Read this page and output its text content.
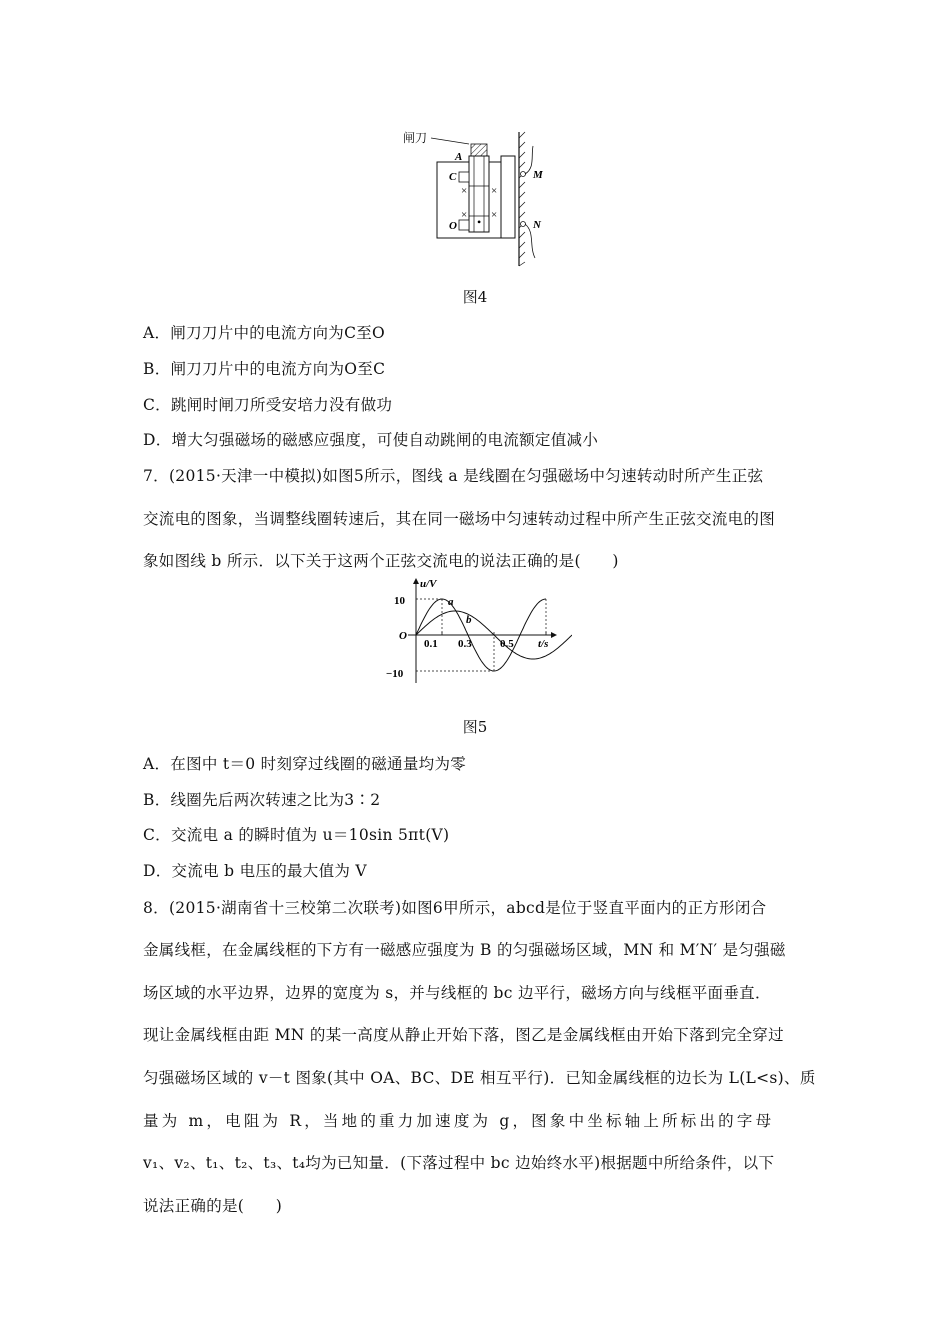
闸刀
A
C
O
M
N
× ×
× ×
•
图4
A．闸刀刀片中的电流方向为C至O
B．闸刀刀片中的电流方向为O至C
C．跳闸时闸刀所受安培力没有做功
D．增大匀强磁场的磁感应强度，可使自动跳闸的电流额定值减小
7．(2015·天津一中模拟)如图5所示，图线 a 是线圈在匀强磁场中匀速转动时所产生正弦
交流电的图象，当调整线圈转速后，其在同一磁场中匀速转动过程中所产生正弦交流电的图
象如图线 b 所示．以下关于这两个正弦交流电的说法正确的是(　　)
u/V
t/s
O
10
−10
0.1 0.3	0.5
a
b
图5
A．在图中 t＝0 时刻穿过线圈的磁通量均为零
B．线圈先后两次转速之比为3∶2
C．交流电 a 的瞬时值为 u＝10sin 5πt(V)
D．交流电 b 电压的最大值为 V
8．(2015·湖南省十三校第二次联考)如图6甲所示，abcd是位于竖直平面内的正方形闭合
金属线框，在金属线框的下方有一磁感应强度为 B 的匀强磁场区域，MN 和 M′N′ 是匀强磁
场区域的水平边界，边界的宽度为 s，并与线框的 bc 边平行，磁场方向与线框平面垂直．
现让金属线框由距 MN 的某一高度从静止开始下落，图乙是金属线框由开始下落到完全穿过
匀强磁场区域的 v－t 图象(其中 OA、BC、DE 相互平行)．已知金属线框的边长为 L(L<s)、质
量为 m，电阻为 R，当地的重力加速度为 g，图象中坐标轴上所标出的字母
v₁、v₂、t₁、t₂、t₃、t₄均为已知量．(下落过程中 bc 边始终水平)根据题中所给条件，以下
说法正确的是(　　)
